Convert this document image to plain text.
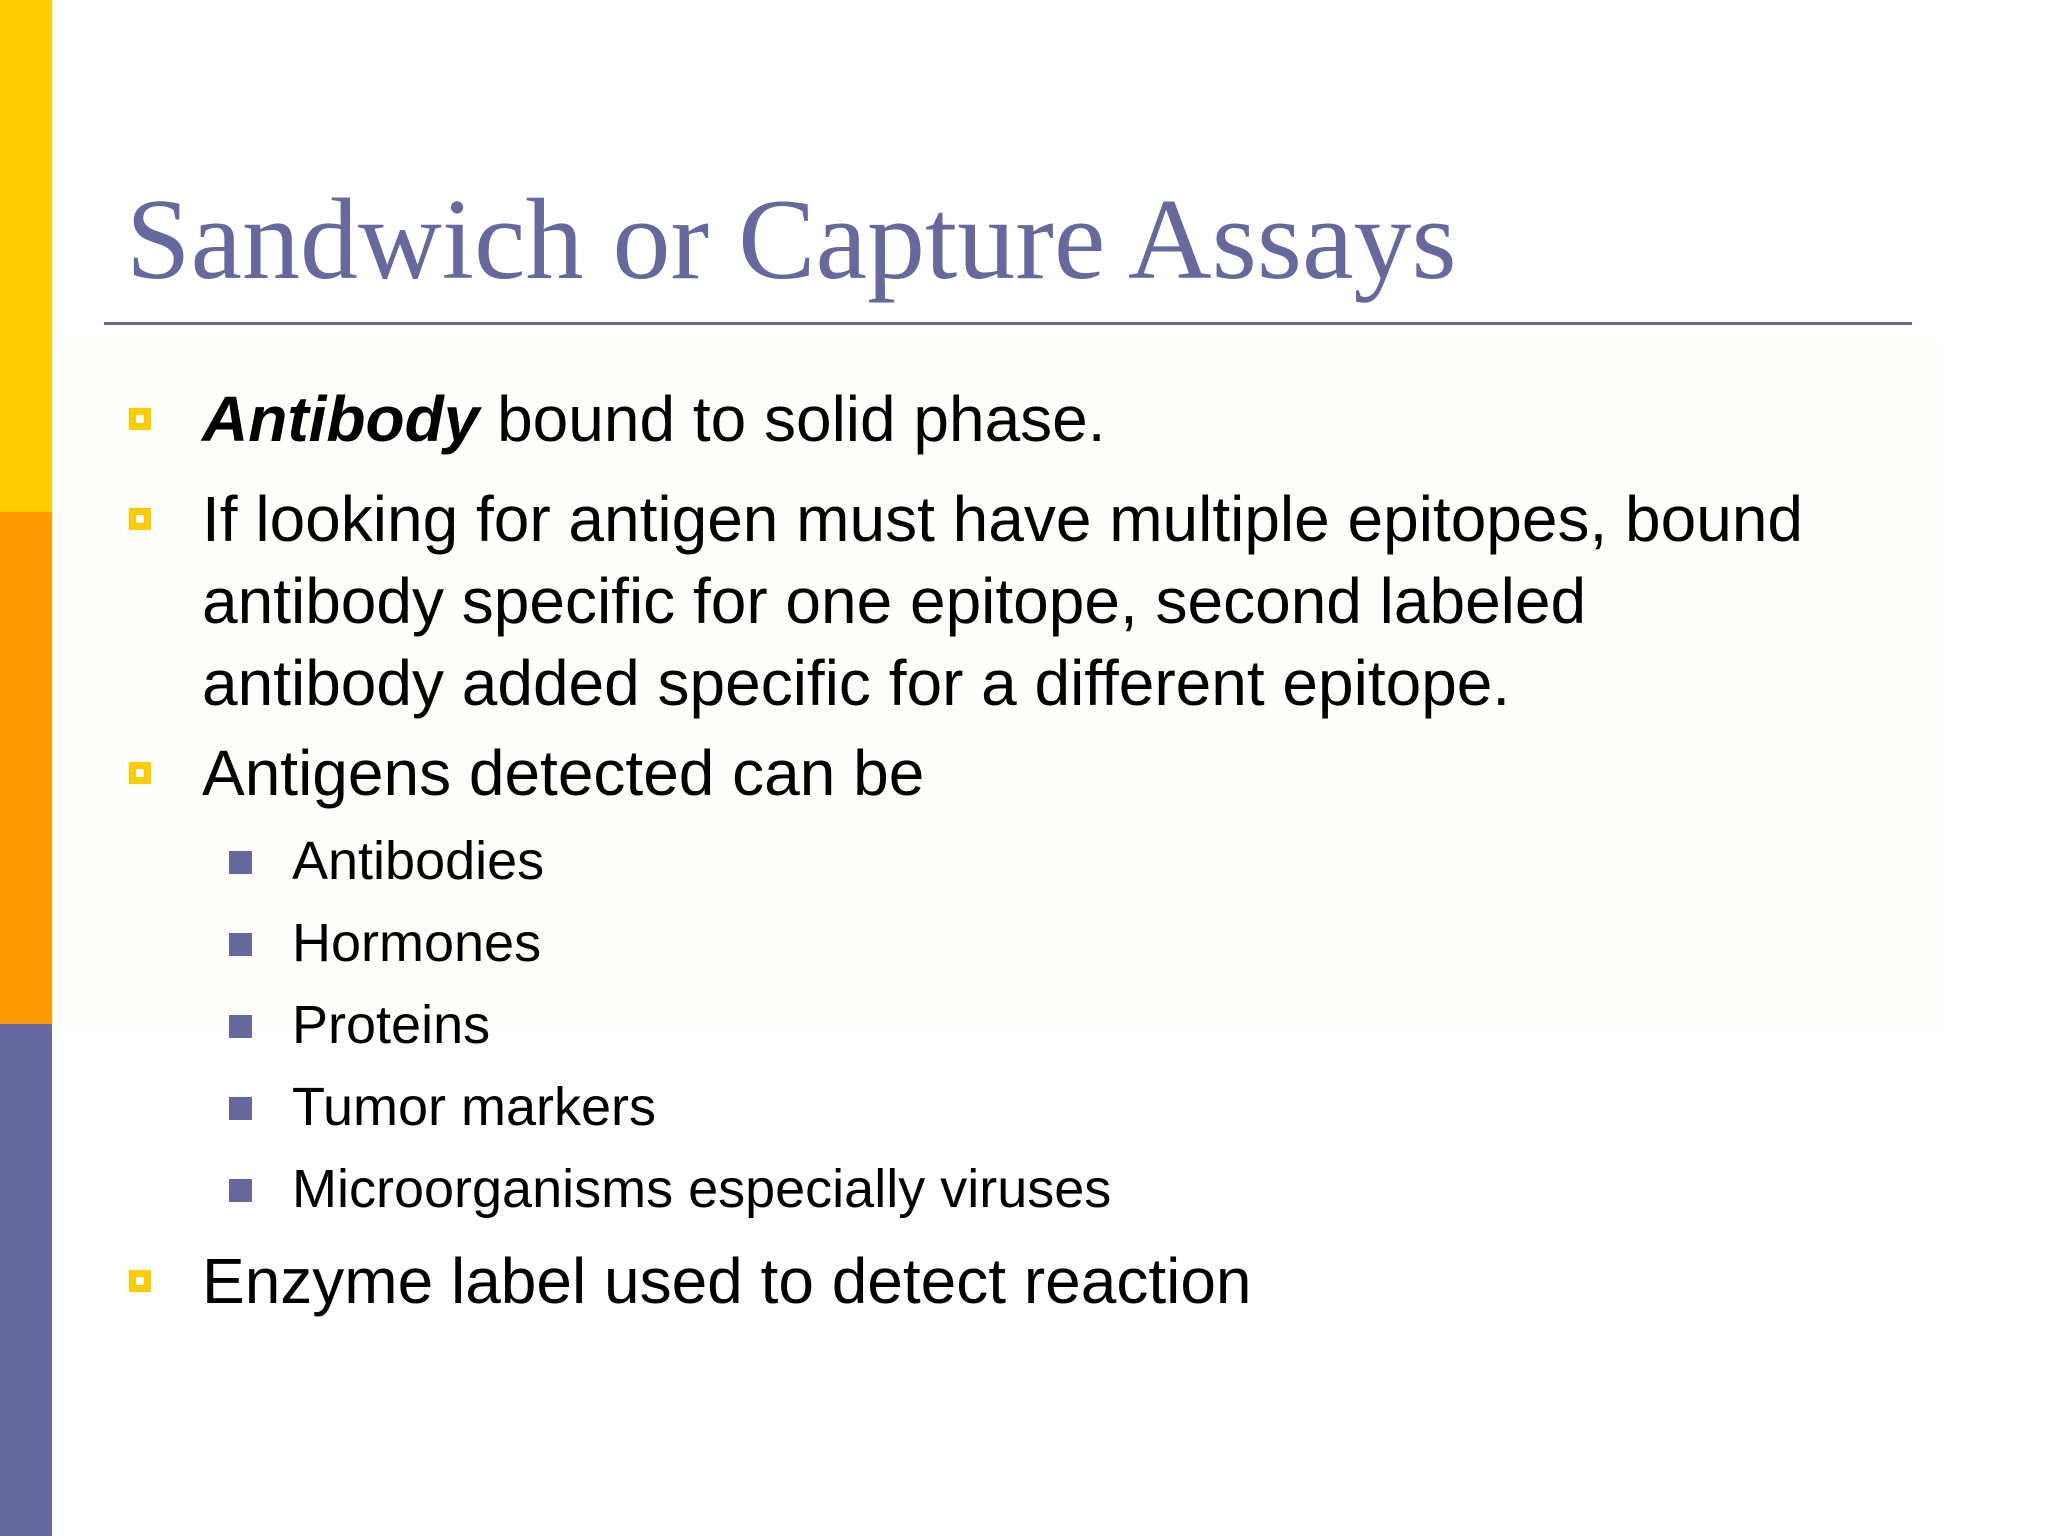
Sandwich or Capture Assays
Antibody bound to solid phase.
If looking for antigen must have multiple epitopes, bound
antibody specific for one epitope, second labeled
antibody added specific for a different epitope.
Antigens detected can be
Antibodies
Hormones
Proteins
Tumor markers
Microorganisms especially viruses
Enzyme label used to detect reaction
